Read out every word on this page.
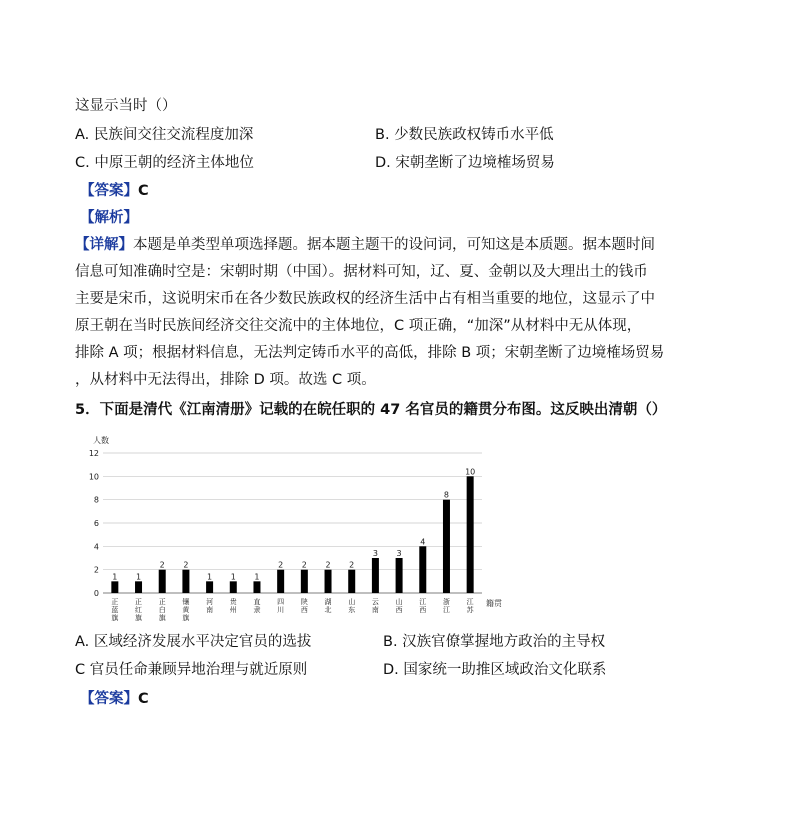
这显示当时（）
A. 民族间交往交流程度加深	B. 少数民族政权铸币水平低
C. 中原王朝的经济主体地位	D. 宋朝垄断了边境榷场贸易
【答案】C
【解析】
【详解】本题是单类型单项选择题。据本题主题干的设问词，可知这是本质题。据本题时间
信息可知准确时空是：宋朝时期（中国）。据材料可知，辽、夏、金朝以及大理出土的钱币
主要是宋币，这说明宋币在各少数民族政权的经济生活中占有相当重要的地位，这显示了中
原王朝在当时民族间经济交往交流中的主体地位，C 项正确，“加深”从材料中无从体现，
排除 A 项；根据材料信息，无法判定铸币水平的高低，排除 B 项；宋朝垄断了边境榷场贸易
，从材料中无法得出，排除 D 项。故选 C 项。
5．下面是清代《江南清册》记载的在皖任职的 47 名官员的籍贯分布图。这反映出清朝（）
人数
籍贯
0
2
4
6
8
10
12
1
正蓝旗
1
正红旗
2
正白旗
2
镶黄旗
1
河南
1
贵州
1
直隶
2
四川
2
陕西
2
湖北
2
山东
3
云南
3
山西
4
江西
8
浙江
10
江苏
A. 区域经济发展水平决定官员的选拔	B. 汉族官僚掌握地方政治的主导权
C 官员任命兼顾异地治理与就近原则	D. 国家统一助推区域政治文化联系
【答案】C
